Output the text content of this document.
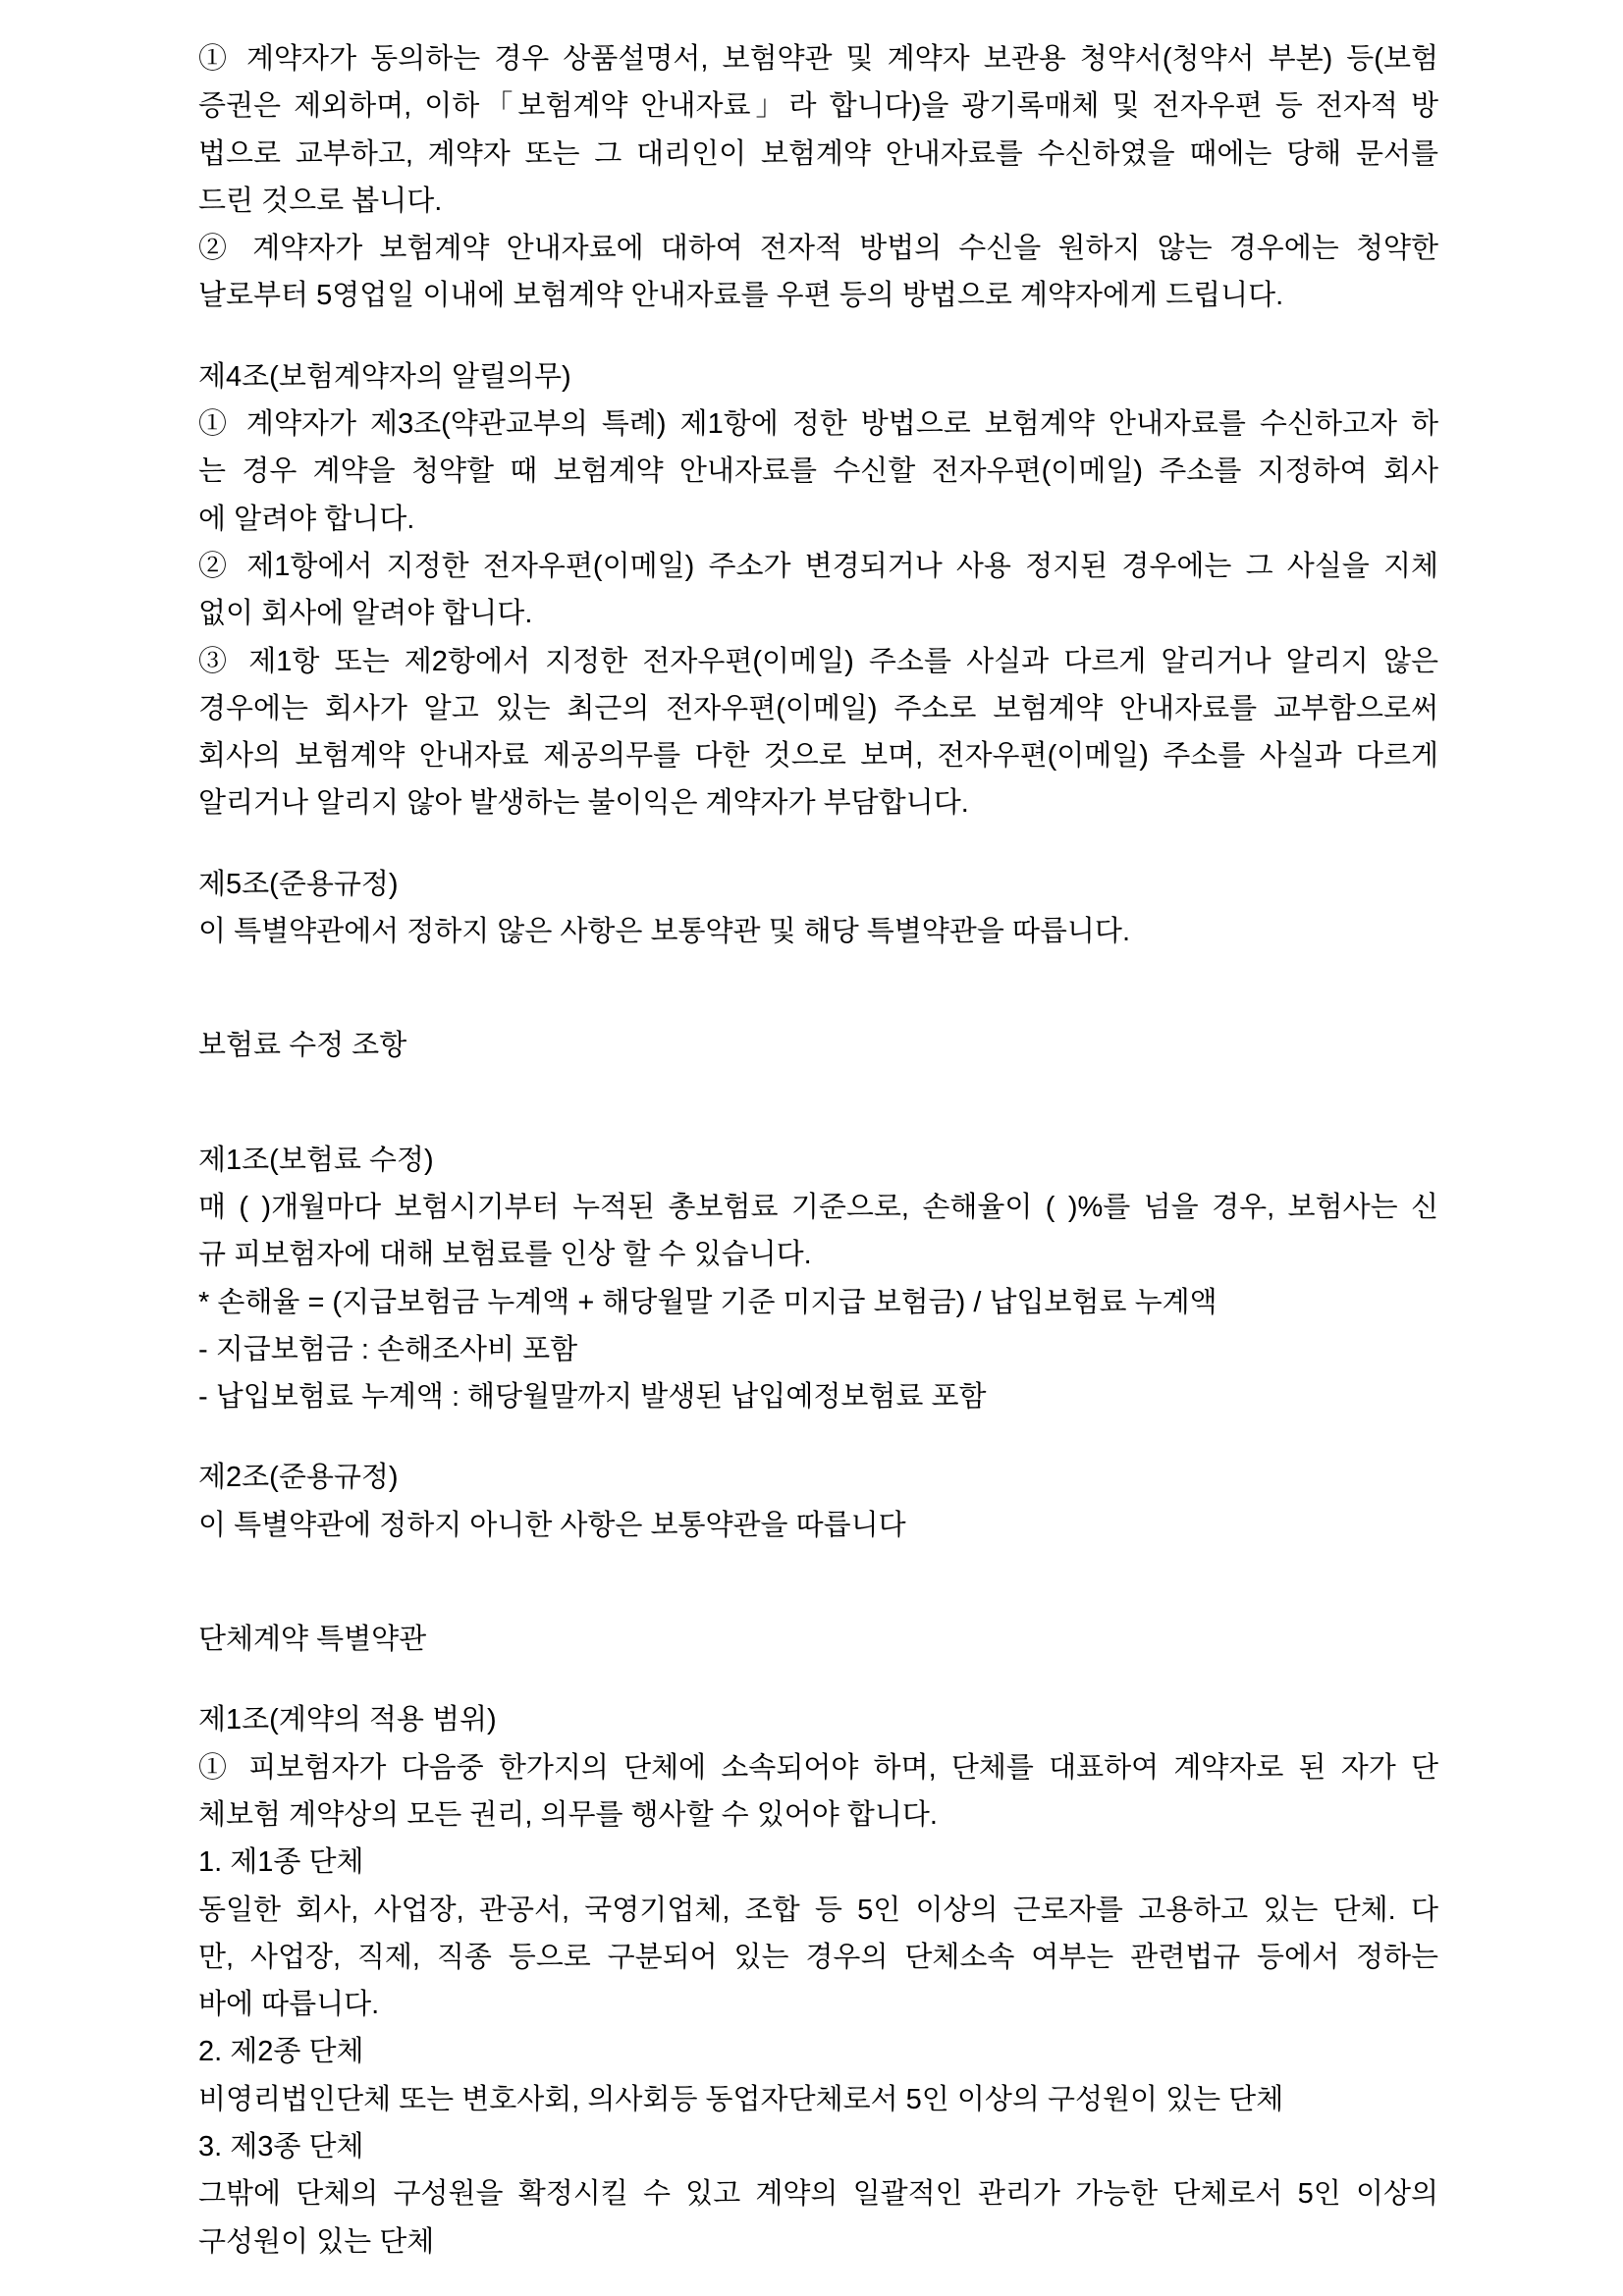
① 계약자가 동의하는 경우 상품설명서, 보험약관 및 계약자 보관용 청약서(청약서 부본) 등(보험
증권은 제외하며, 이하「보험계약 안내자료」라 합니다)을 광기록매체 및 전자우편 등 전자적 방
법으로 교부하고, 계약자 또는 그 대리인이 보험계약 안내자료를 수신하였을 때에는 당해 문서를
드린 것으로 봅니다.
② 계약자가 보험계약 안내자료에 대하여 전자적 방법의 수신을 원하지 않는 경우에는 청약한
날로부터 5영업일 이내에 보험계약 안내자료를 우편 등의 방법으로 계약자에게 드립니다.
제4조(보험계약자의 알릴의무)
① 계약자가 제3조(약관교부의 특례) 제1항에 정한 방법으로 보험계약 안내자료를 수신하고자 하
는 경우 계약을 청약할 때 보험계약 안내자료를 수신할 전자우편(이메일) 주소를 지정하여 회사
에 알려야 합니다.
② 제1항에서 지정한 전자우편(이메일) 주소가 변경되거나 사용 정지된 경우에는 그 사실을 지체
없이 회사에 알려야 합니다.
③ 제1항 또는 제2항에서 지정한 전자우편(이메일) 주소를 사실과 다르게 알리거나 알리지 않은
경우에는 회사가 알고 있는 최근의 전자우편(이메일) 주소로 보험계약 안내자료를 교부함으로써
회사의 보험계약 안내자료 제공의무를 다한 것으로 보며, 전자우편(이메일) 주소를 사실과 다르게
알리거나 알리지 않아 발생하는 불이익은 계약자가 부담합니다.
제5조(준용규정)
이 특별약관에서 정하지 않은 사항은 보통약관 및 해당 특별약관을 따릅니다.
보험료 수정 조항
제1조(보험료 수정)
매 ( )개월마다 보험시기부터 누적된 총보험료 기준으로, 손해율이 ( )%를 넘을 경우, 보험사는 신
규 피보험자에 대해 보험료를 인상 할 수 있습니다.
* 손해율 = (지급보험금 누계액 + 해당월말 기준 미지급 보험금) / 납입보험료 누계액
- 지급보험금 : 손해조사비 포함
- 납입보험료 누계액 : 해당월말까지 발생된 납입예정보험료 포함
제2조(준용규정)
이 특별약관에 정하지 아니한 사항은 보통약관을 따릅니다
단체계약 특별약관
제1조(계약의 적용 범위)
① 피보험자가 다음중 한가지의 단체에 소속되어야 하며, 단체를 대표하여 계약자로 된 자가 단
체보험 계약상의 모든 권리, 의무를 행사할 수 있어야 합니다.
1. 제1종 단체
동일한 회사, 사업장, 관공서, 국영기업체, 조합 등 5인 이상의 근로자를 고용하고 있는 단체. 다
만, 사업장, 직제, 직종 등으로 구분되어 있는 경우의 단체소속 여부는 관련법규 등에서 정하는
바에 따릅니다.
2. 제2종 단체
비영리법인단체 또는 변호사회, 의사회등 동업자단체로서 5인 이상의 구성원이 있는 단체
3. 제3종 단체
그밖에 단체의 구성원을 확정시킬 수 있고 계약의 일괄적인 관리가 가능한 단체로서 5인 이상의
구성원이 있는 단체
